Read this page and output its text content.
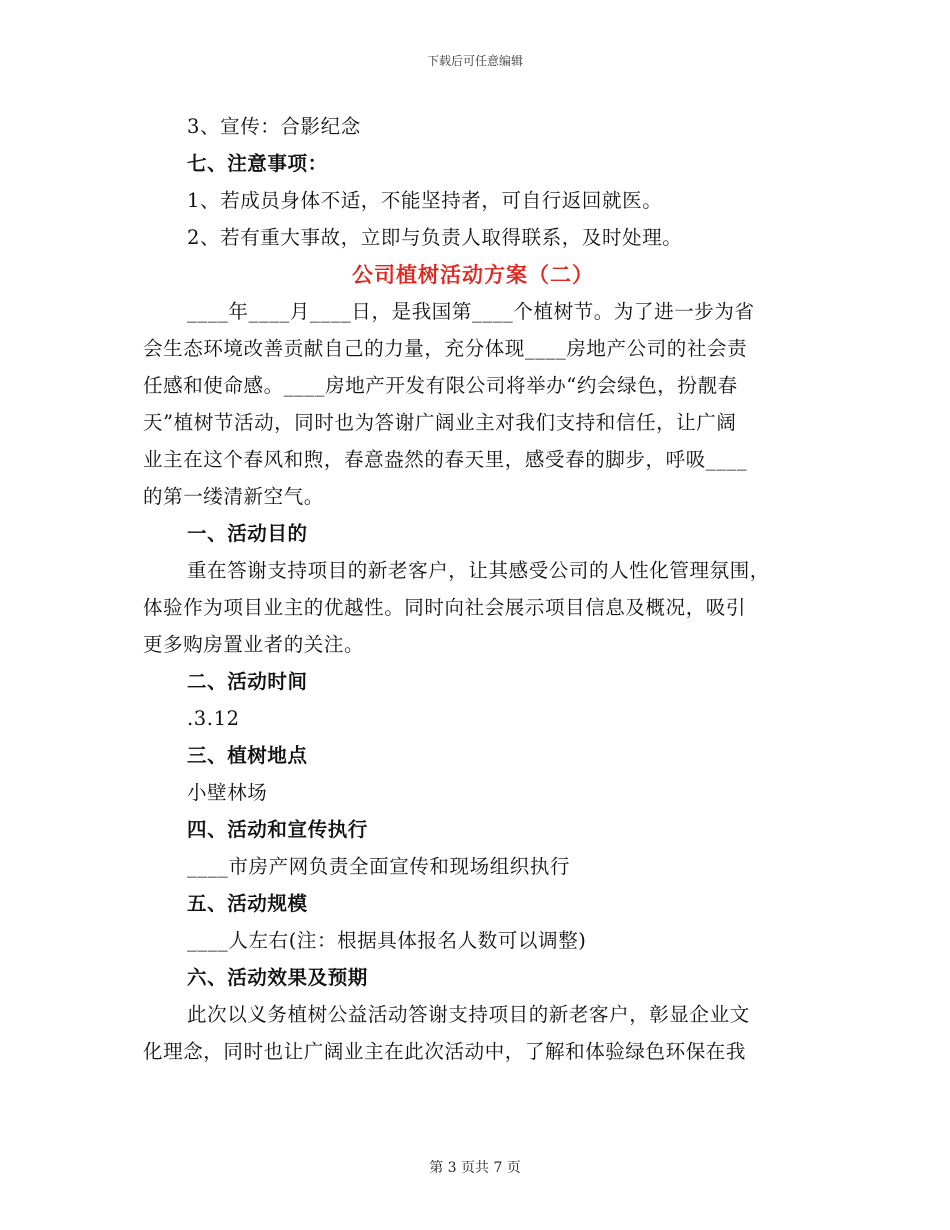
下载后可任意编辑
3、宣传：合影纪念
七、注意事项：
1、若成员身体不适，不能坚持者，可自行返回就医。
2、若有重大事故，立即与负责人取得联系，及时处理。
公司植树活动方案（二）
____年____月____日，是我国第____个植树节。为了进一步为省
会生态环境改善贡献自己的力量，充分体现____房地产公司的社会责
任感和使命感。____房地产开发有限公司将举办“约会绿色，扮靓春
天”植树节活动，同时也为答谢广阔业主对我们支持和信任，让广阔
业主在这个春风和煦，春意盎然的春天里，感受春的脚步，呼吸____
的第一缕清新空气。
一、活动目的
重在答谢支持项目的新老客户，让其感受公司的人性化管理氛围，
体验作为项目业主的优越性。同时向社会展示项目信息及概况，吸引
更多购房置业者的关注。
二、活动时间
.3.12
三、植树地点
小壁林场
四、活动和宣传执行
____市房产网负责全面宣传和现场组织执行
五、活动规模
____人左右(注：根据具体报名人数可以调整)
六、活动效果及预期
此次以义务植树公益活动答谢支持项目的新老客户，彰显企业文
化理念，同时也让广阔业主在此次活动中，了解和体验绿色环保在我
第 3 页共 7 页
